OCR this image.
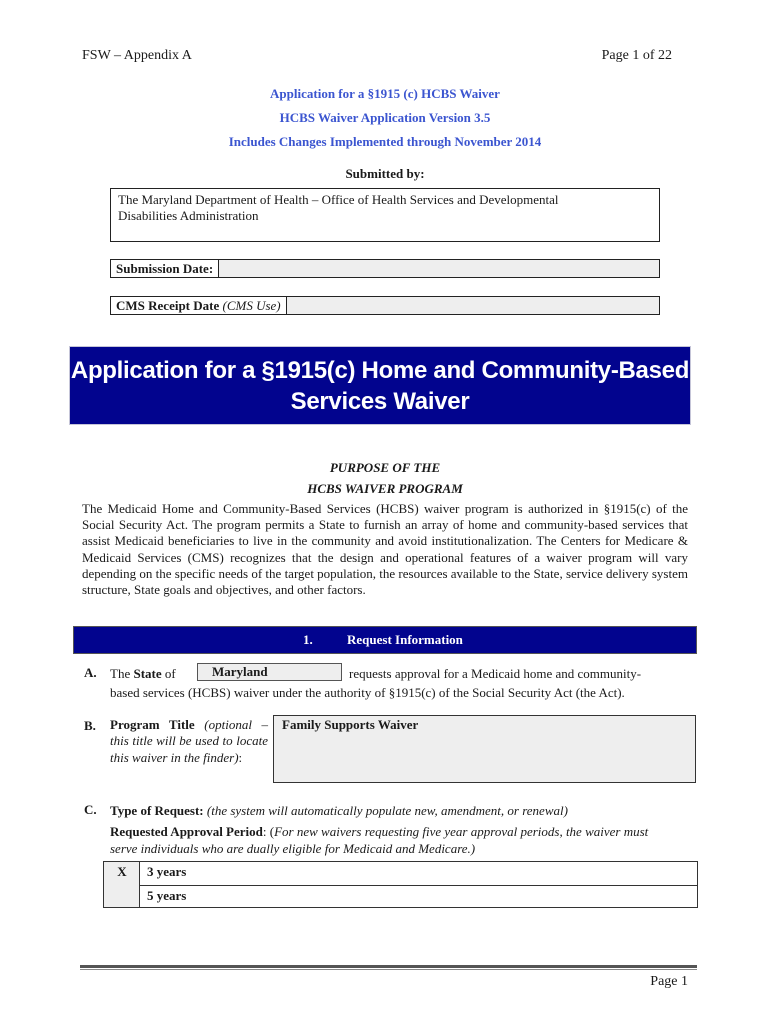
FSW – Appendix A	Page 1 of 22
Application for a §1915 (c) HCBS Waiver
HCBS Waiver Application Version 3.5
Includes Changes Implemented through November 2014
Submitted by:
The Maryland Department of Health – Office of Health Services and Developmental
Disabilities Administration
Submission Date:
CMS Receipt Date (CMS Use)
Application for a §1915(c) Home and Community-Based
Services Waiver
PURPOSE OF THE
HCBS WAIVER PROGRAM
The Medicaid Home and Community-Based Services (HCBS) waiver program is authorized in §1915(c) of the Social Security Act. The program permits a State to furnish an array of home and community-based services that assist Medicaid beneficiaries to live in the community and avoid institutionalization. The Centers for Medicare & Medicaid Services (CMS) recognizes that the design and operational features of a waiver program will vary depending on the specific needs of the target population, the resources available to the State, service delivery system structure, State goals and objectives, and other factors.
1.	Request Information
A. The State of	Maryland	requests approval for a Medicaid home and community-
based services (HCBS) waiver under the authority of §1915(c) of the Social Security Act (the Act).
B. Program Title (optional – this title will be used to locate this waiver in the finder):
Family Supports Waiver
C. Type of Request: (the system will automatically populate new, amendment, or renewal)
Requested Approval Period: (For new waivers requesting five year approval periods, the waiver must
serve individuals who are dually eligible for Medicaid and Medicare.)
X	3 years
5 years
Page 1
